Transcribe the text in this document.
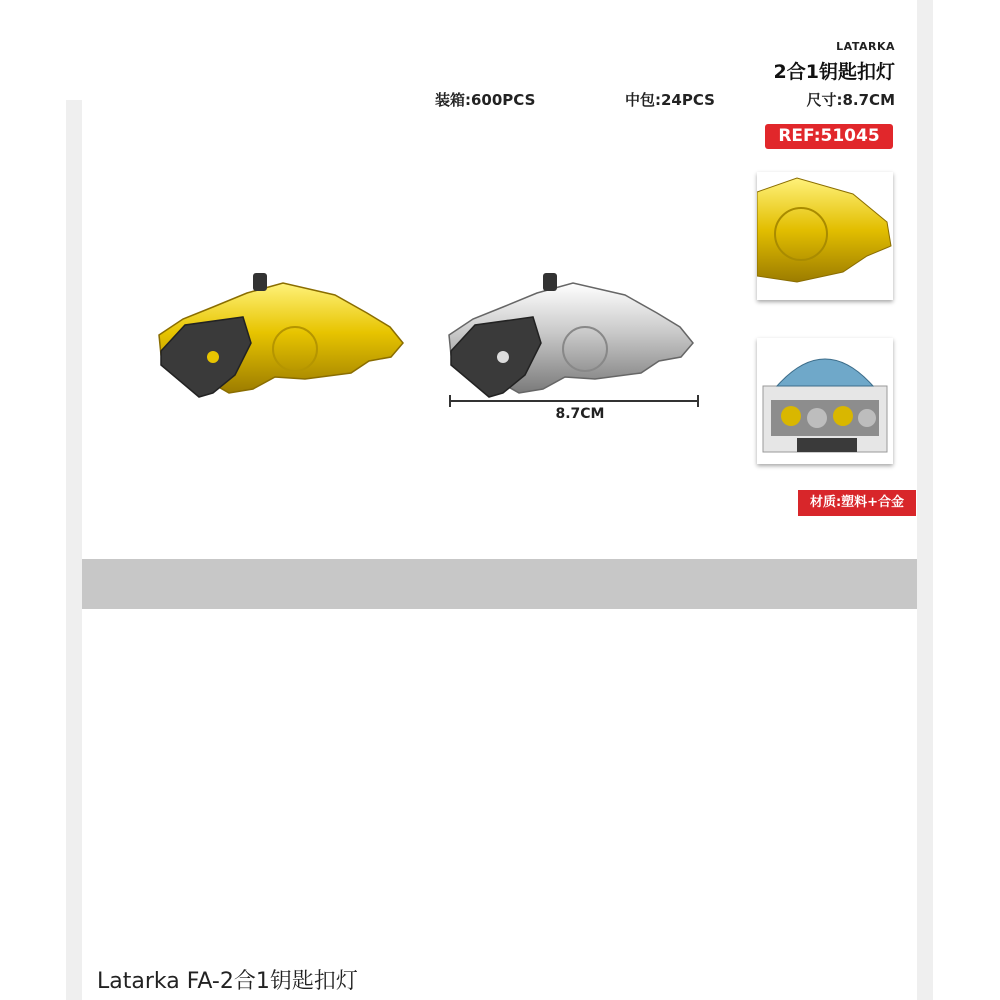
LATARKA
2合1钥匙扣灯
装箱:600PCS	中包:24PCS	尺寸:8.7CM
REF:51045
8.7CM
材质:塑料+合金
Latarka FA-2合1钥匙扣灯
